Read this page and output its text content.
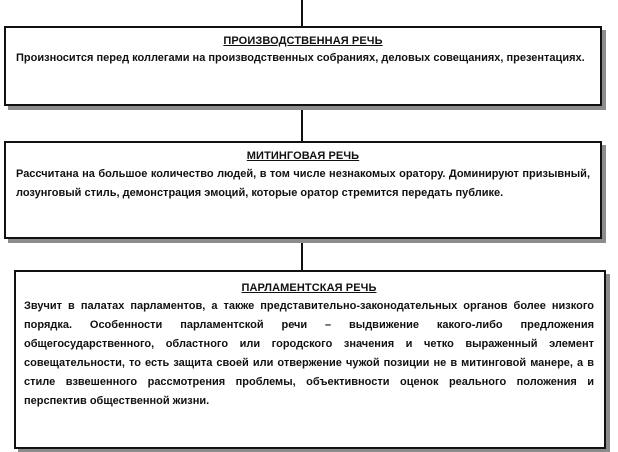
ПРОИЗВОДСТВЕННАЯ РЕЧЬ
Произносится перед коллегами на производственных собраниях, деловых совещаниях, презентациях.
МИТИНГОВАЯ РЕЧЬ
Рассчитана на большое количество людей, в том числе незнакомых оратору. Доминируют призывный, лозунговый стиль, демонстрация эмоций, которые оратор стремится передать публике.
ПАРЛАМЕНТСКАЯ РЕЧЬ
Звучит в палатах парламентов, а также представительно-законодательных органов более низкого порядка. Особенности парламентской речи – выдвижение какого-либо предложения общегосударственного, областного или городского значения и четко выраженный элемент совещательности, то есть защита своей или отвержение чужой позиции не в митинговой манере, а в стиле взвешенного рассмотрения проблемы, объективности оценок реального положения и перспектив общественной жизни.
